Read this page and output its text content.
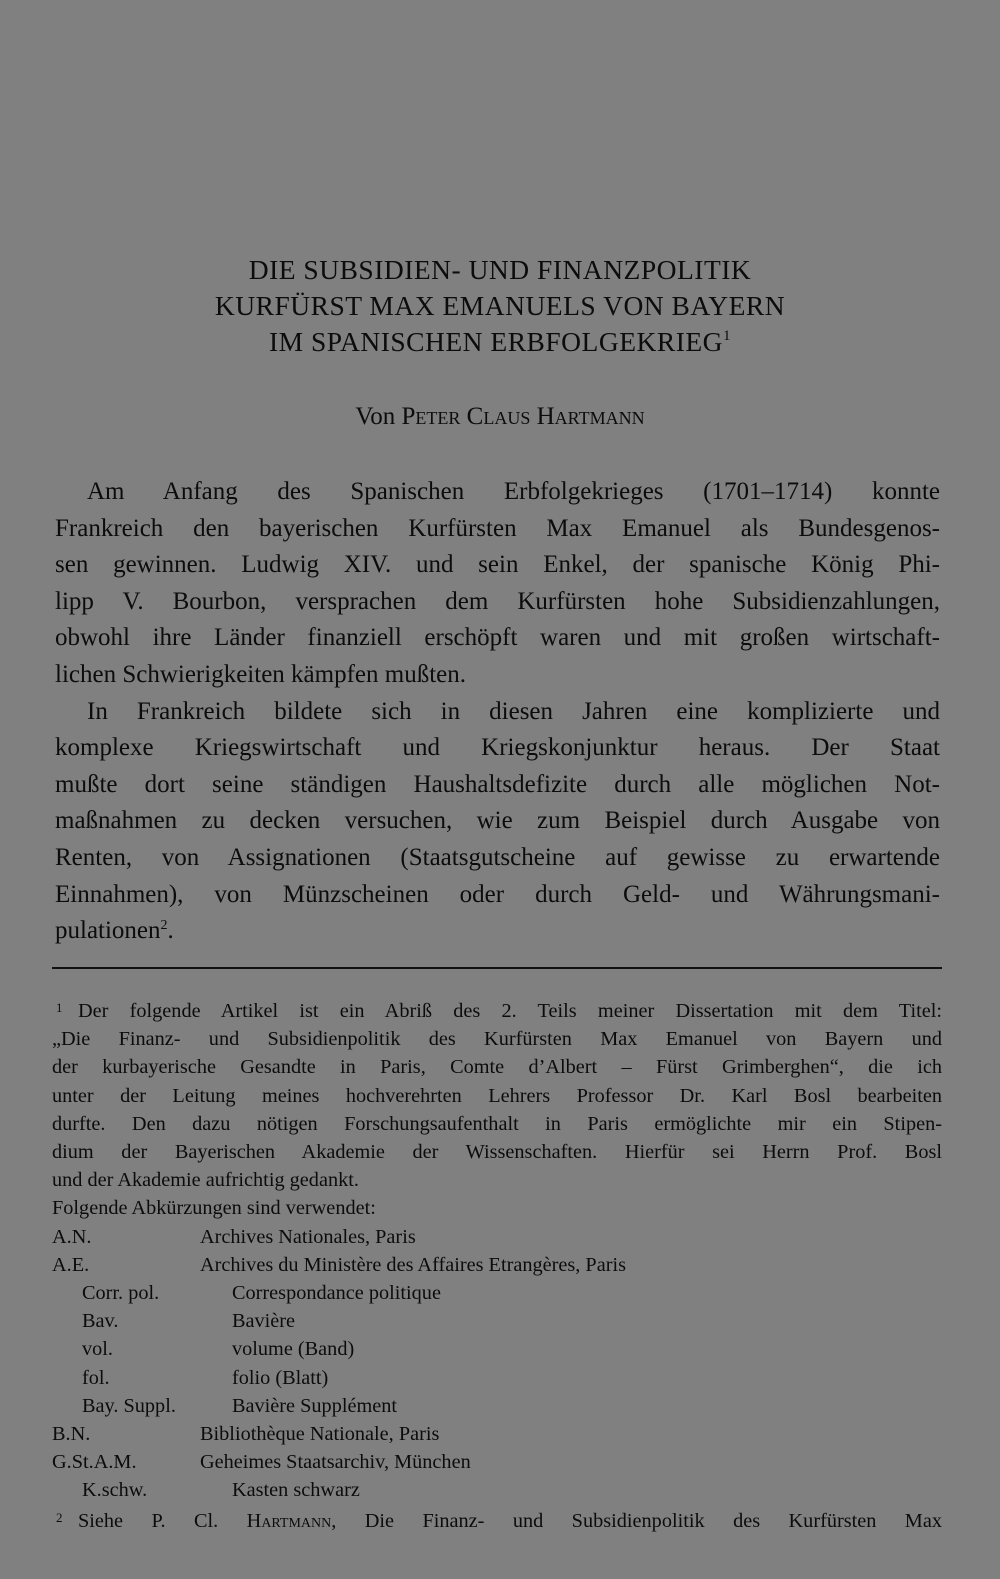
DIE SUBSIDIEN- UND FINANZPOLITIK
KURFÜRST MAX EMANUELS VON BAYERN
IM SPANISCHEN ERBFOLGEKRIEG$^1$
Von Peter Claus Hartmann

Am Anfang des Spanischen Erbfolgekrieges (1701–1714) konnte
Frankreich den bayerischen Kurfürsten Max Emanuel als Bundesgenos-
sen gewinnen. Ludwig XIV. und sein Enkel, der spanische König Phi-
lipp V. Bourbon, versprachen dem Kurfürsten hohe Subsidienzahlungen,
obwohl ihre Länder finanziell erschöpft waren und mit großen wirtschaft-
lichen Schwierigkeiten kämpfen mußten.

In Frankreich bildete sich in diesen Jahren eine komplizierte und
komplexe Kriegswirtschaft und Kriegskonjunktur heraus. Der Staat
mußte dort seine ständigen Haushaltsdefizite durch alle möglichen Not-
maßnahmen zu decken versuchen, wie zum Beispiel durch Ausgabe von
Renten, von Assignationen (Staatsgutscheine auf gewisse zu erwartende
Einnahmen), von Münzscheinen oder durch Geld- und Währungsmani-
pulationen$^2$.

1 Der folgende Artikel ist ein Abriß des 2. Teils meiner Dissertation mit dem Titel:
„Die Finanz- und Subsidienpolitik des Kurfürsten Max Emanuel von Bayern und
der kurbayerische Gesandte in Paris, Comte d’Albert – Fürst Grimberghen“, die ich
unter der Leitung meines hochverehrten Lehrers Professor Dr. Karl Bosl bearbeiten
durfte. Den dazu nötigen Forschungsaufenthalt in Paris ermöglichte mir ein Stipen-
dium der Bayerischen Akademie der Wissenschaften. Hierfür sei Herrn Prof. Bosl
und der Akademie aufrichtig gedankt.
Folgende Abkürzungen sind verwendet:
A.N.	Archives Nationales, Paris
A.E.	Archives du Ministère des Affaires Etrangères, Paris
Corr. pol.	Correspondance politique
Bav.	Bavière
vol.	volume (Band)
fol.	folio (Blatt)
Bay. Suppl.	Bavière Supplément
B.N.	Bibliothèque Nationale, Paris
G.St.A.M.	Geheimes Staatsarchiv, München
K.schw.	Kasten schwarz
2 Siehe P. Cl. Hartmann, Die Finanz- und Subsidienpolitik des Kurfürsten Max
